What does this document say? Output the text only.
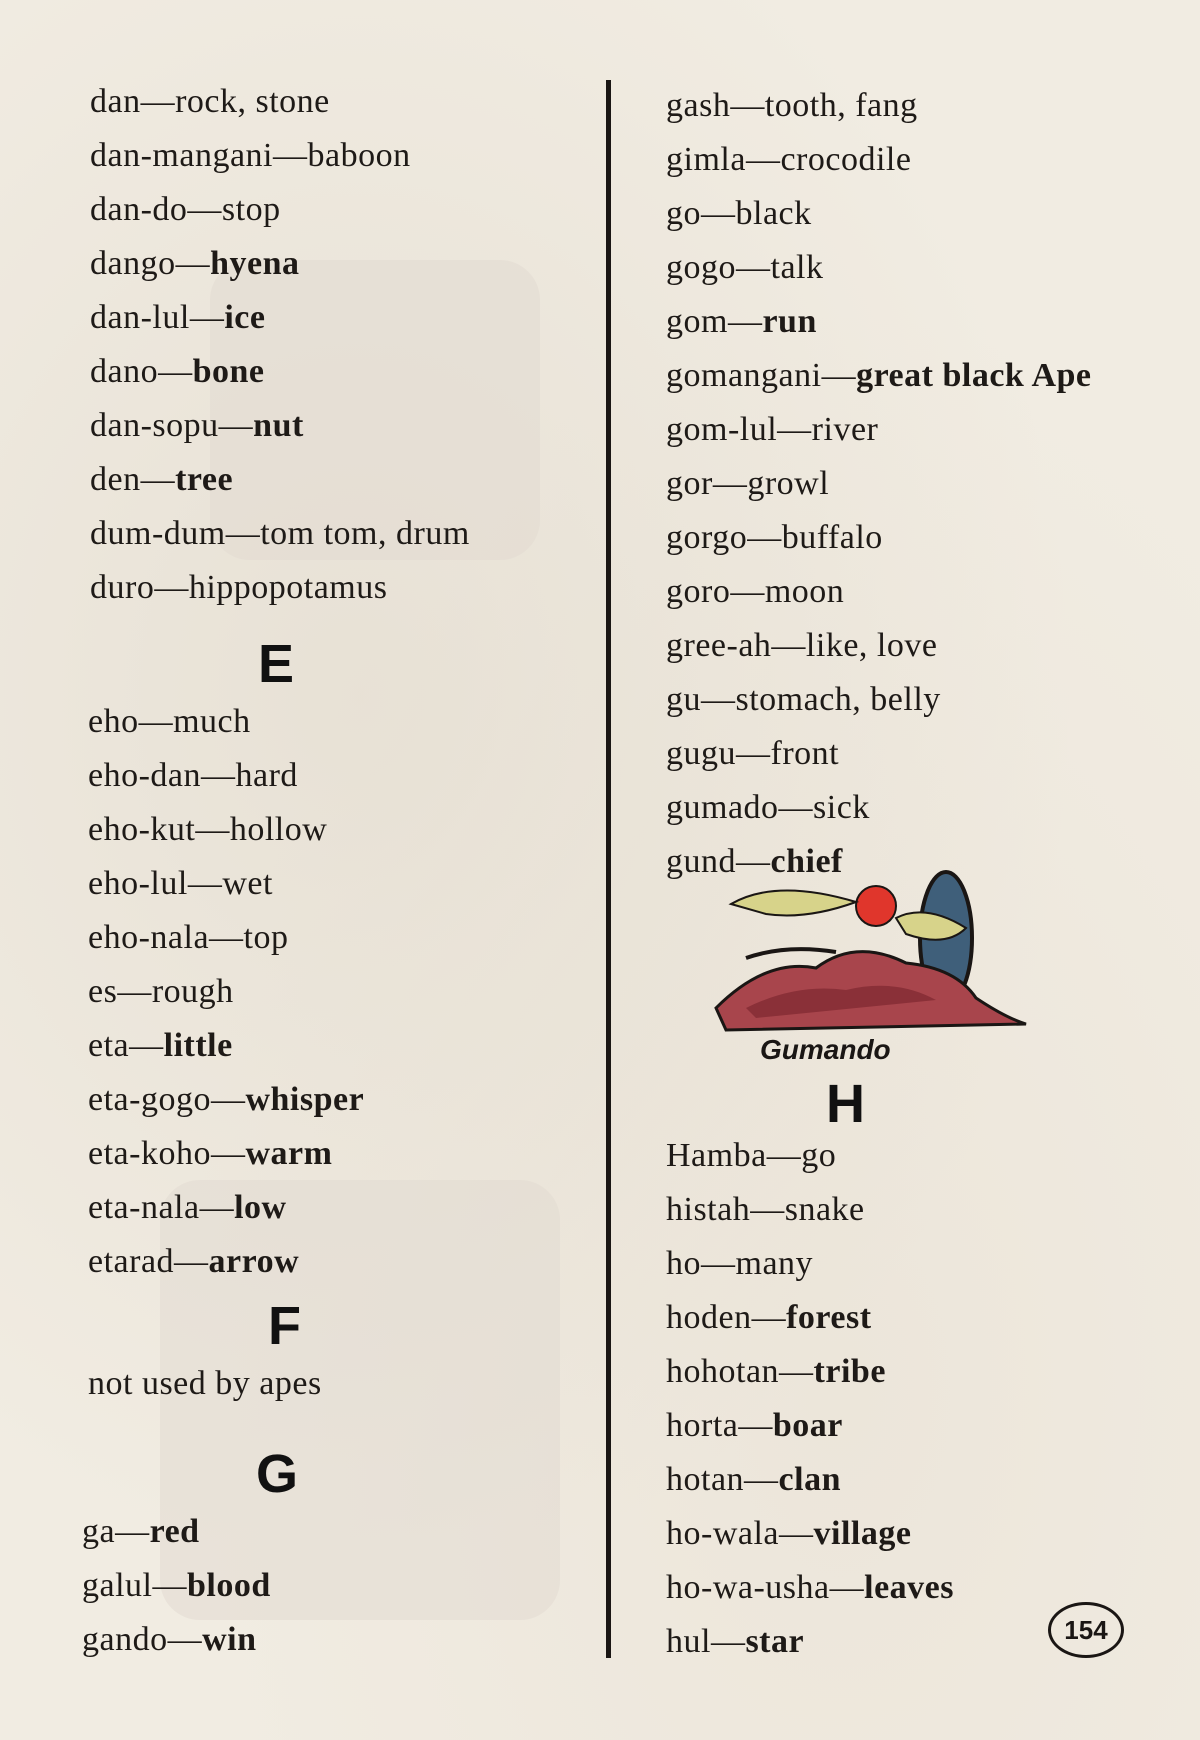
dan—rock, stone
dan-mangani—baboon
dan-do—stop
dango—hyena
dan-lul—ice
dano—bone
dan-sopu—nut
den—tree
dum-dum—tom tom, drum
duro—hippopotamus
E
eho—much
eho-dan—hard
eho-kut—hollow
eho-lul—wet
eho-nala—top
es—rough
eta—little
eta-gogo—whisper
eta-koho—warm
eta-nala—low
etarad—arrow
F
not used by apes
G
ga—red
galul—blood
gando—win
gash—tooth, fang
gimla—crocodile
go—black
gogo—talk
gom—run
gomangani—great black Ape
gom-lul—river
gor—growl
gorgo—buffalo
goro—moon
gree-ah—like, love
gu—stomach, belly
gugu—front
gumado—sick
gund—chief
Gumando
H
Hamba—go
histah—snake
ho—many
hoden—forest
hohotan—tribe
horta—boar
hotan—clan
ho-wala—village
ho-wa-usha—leaves
hul—star	154
